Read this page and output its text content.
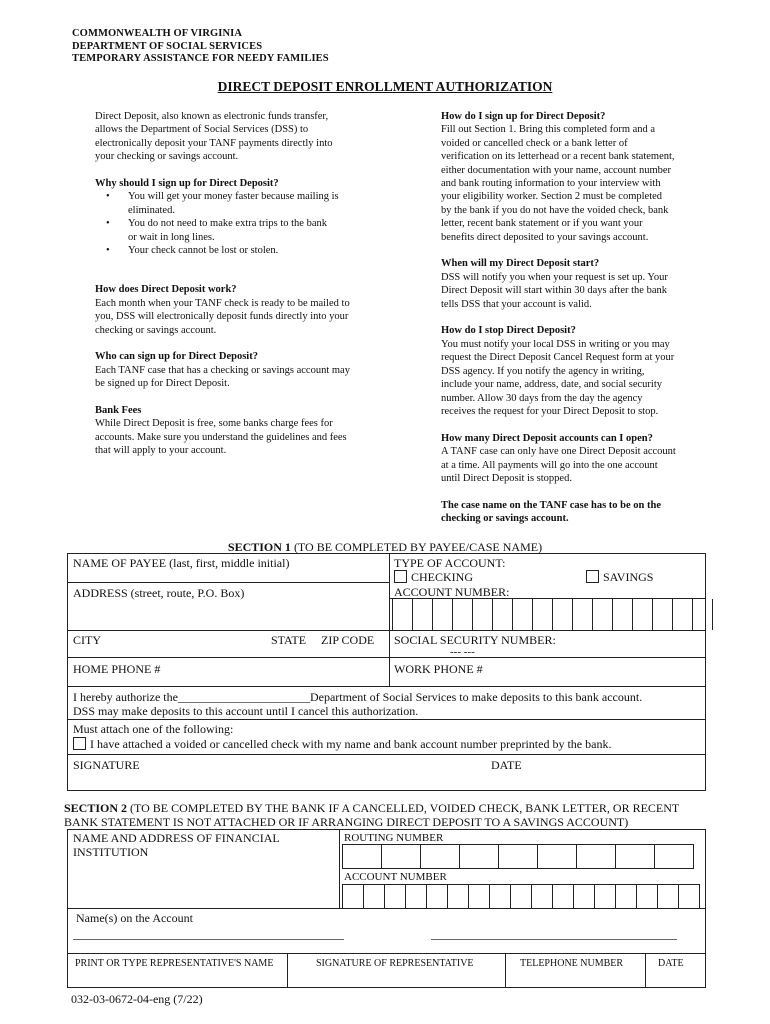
COMMONWEALTH OF VIRGINIA
DEPARTMENT OF SOCIAL SERVICES
TEMPORARY ASSISTANCE FOR NEEDY FAMILIES
DIRECT DEPOSIT ENROLLMENT AUTHORIZATION

Direct Deposit, also known as electronic funds transfer,

allows the Department of Social Services (DSS) to

electronically deposit your TANF payments directly into

your checking or savings account.

Why should I sign up for Direct Deposit?

• You will get your money faster because mailing is
eliminated.
• You do not need to make extra trips to the bank
or wait in long lines.
• Your check cannot be lost or stolen.

How does Direct Deposit work?

Each month when your TANF check is ready to be mailed to

you, DSS will electronically deposit funds directly into your

checking or savings account.

Who can sign up for Direct Deposit?

Each TANF case that has a checking or savings account may

be signed up for Direct Deposit.

Bank Fees

While Direct Deposit is free, some banks charge fees for

accounts. Make sure you understand the guidelines and fees

that will apply to your account.

How do I sign up for Direct Deposit?

Fill out Section 1. Bring this completed form and a

voided or cancelled check or a bank letter of

verification on its letterhead or a recent bank statement,

either documentation with your name, account number

and bank routing information to your interview with

your eligibility worker. Section 2 must be completed

by the bank if you do not have the voided check, bank

letter, recent bank statement or if you want your

benefits direct deposited to your savings account.

When will my Direct Deposit start?

DSS will notify you when your request is set up. Your

Direct Deposit will start within 30 days after the bank

tells DSS that your account is valid.

How do I stop Direct Deposit?

You must notify your local DSS in writing or you may

request the Direct Deposit Cancel Request form at your

DSS agency. If you notify the agency in writing,

include your name, address, date, and social security

number. Allow 30 days from the day the agency

receives the request for your Direct Deposit to stop.

How many Direct Deposit accounts can I open?

A TANF case can only have one Direct Deposit account

at a time. All payments will go into the one account

until Direct Deposit is stopped.

The case name on the TANF case has to be on the

checking or savings account.

SECTION 1 (TO BE COMPLETED BY PAYEE/CASE NAME)
NAME OF PAYEE (last, first, middle initial)	TYPE OF ACCOUNT:
CHECKING	SAVINGS
ADDRESS (street, route, P.O. Box)	ACCOUNT NUMBER:
CITY	STATE ZIP CODE SOCIAL SECURITY NUMBER:
--- ---
HOME PHONE #	WORK PHONE #
I hereby authorize the______________________Department of Social Services to make deposits to this bank account.
DSS may make deposits to this account until I cancel this authorization.
Must attach one of the following:
I have attached a voided or cancelled check with my name and bank account number preprinted by the bank.
SIGNATURE	DATE
SECTION 2 (TO BE COMPLETED BY THE BANK IF A CANCELLED, VOIDED CHECK, BANK LETTER, OR RECENT
BANK STATEMENT IS NOT ATTACHED OR IF ARRANGING DIRECT DEPOSIT TO A SAVINGS ACCOUNT)
NAME AND ADDRESS OF FINANCIAL
INSTITUTION
ROUTING NUMBER
ACCOUNT NUMBER
Name(s) on the Account
PRINT OR TYPE REPRESENTATIVE'S NAME	SIGNATURE OF REPRESENTATIVE	TELEPHONE NUMBER	DATE
032-03-0672-04-eng (7/22)
